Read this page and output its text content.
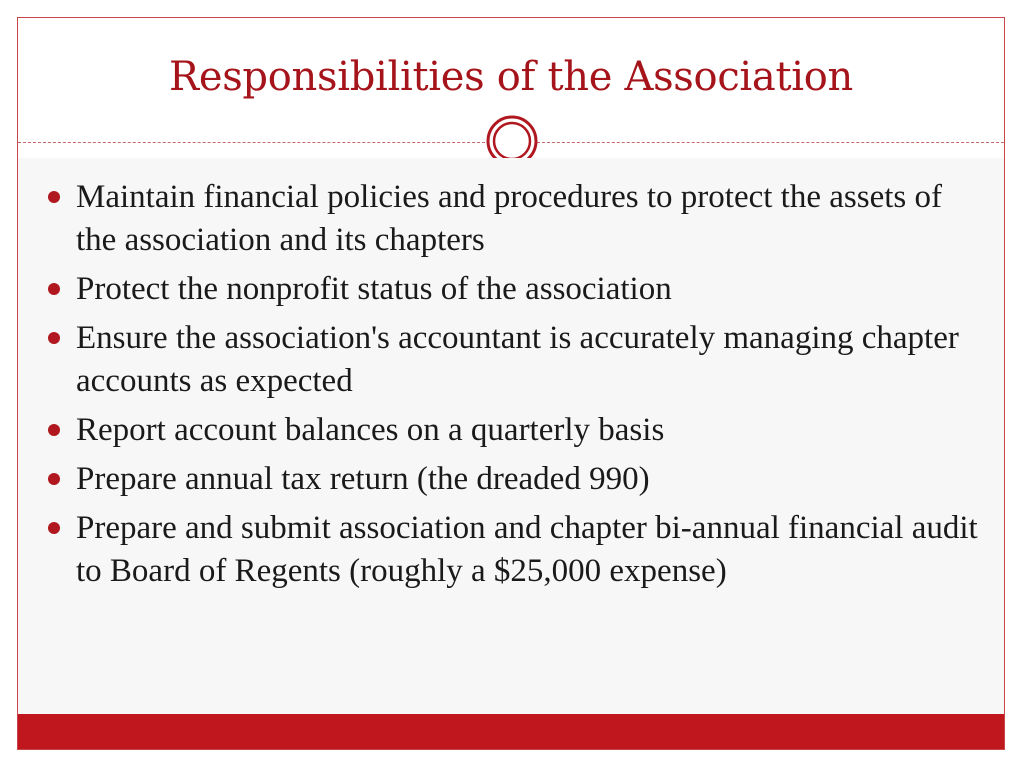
Responsibilities of the Association
Maintain financial policies and procedures to protect the assets of the association and its chapters
Protect the nonprofit status of the association
Ensure the association's accountant is accurately managing chapter accounts as expected
Report account balances on a quarterly basis
Prepare annual tax return (the dreaded 990)
Prepare and submit association and chapter bi-annual financial audit to Board of Regents (roughly a $25,000 expense)
